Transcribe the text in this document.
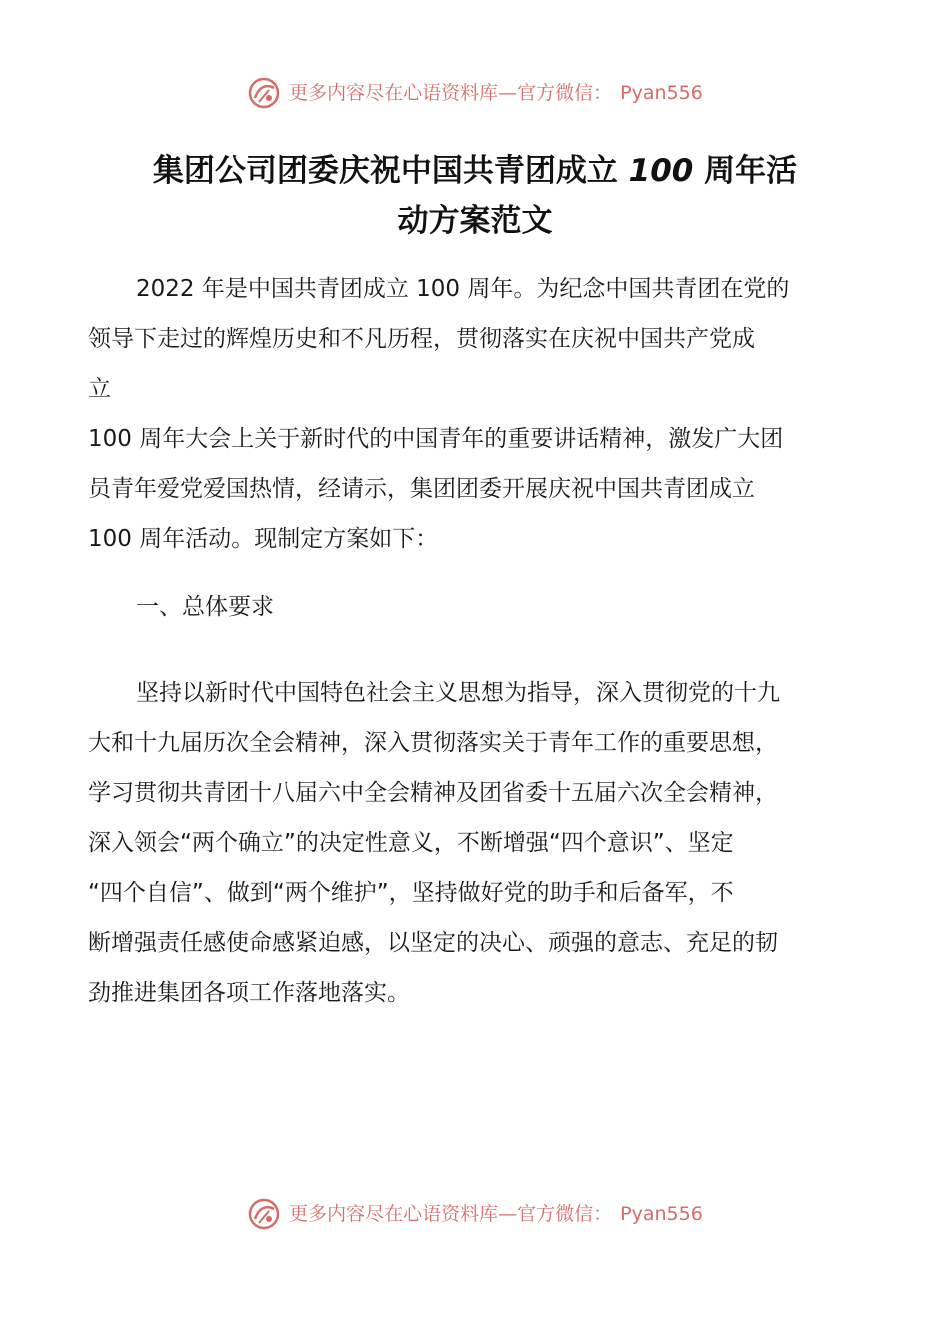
更多内容尽在心语资料库—官方微信： Pyan556
集团公司团委庆祝中国共青团成立 100 周年活
动方案范文

2022 年是中国共青团成立 100 周年。为纪念中国共青团在党的

领导下走过的辉煌历史和不凡历程，贯彻落实在庆祝中国共产党成
立
100 周年大会上关于新时代的中国青年的重要讲话精神，激发广大团
员青年爱党爱国热情，经请示，集团团委开展庆祝中国共青团成立
100 周年活动。现制定方案如下：

一、总体要求

坚持以新时代中国特色社会主义思想为指导，深入贯彻党的十九

大和十九届历次全会精神，深入贯彻落实关于青年工作的重要思想，
学习贯彻共青团十八届六中全会精神及团省委十五届六次全会精神，
深入领会“两个确立”的决定性意义，不断增强“四个意识”、坚定
“四个自信”、做到“两个维护”，坚持做好党的助手和后备军，不
断增强责任感使命感紧迫感，以坚定的决心、顽强的意志、充足的韧
劲推进集团各项工作落地落实。

更多内容尽在心语资料库—官方微信： Pyan556
